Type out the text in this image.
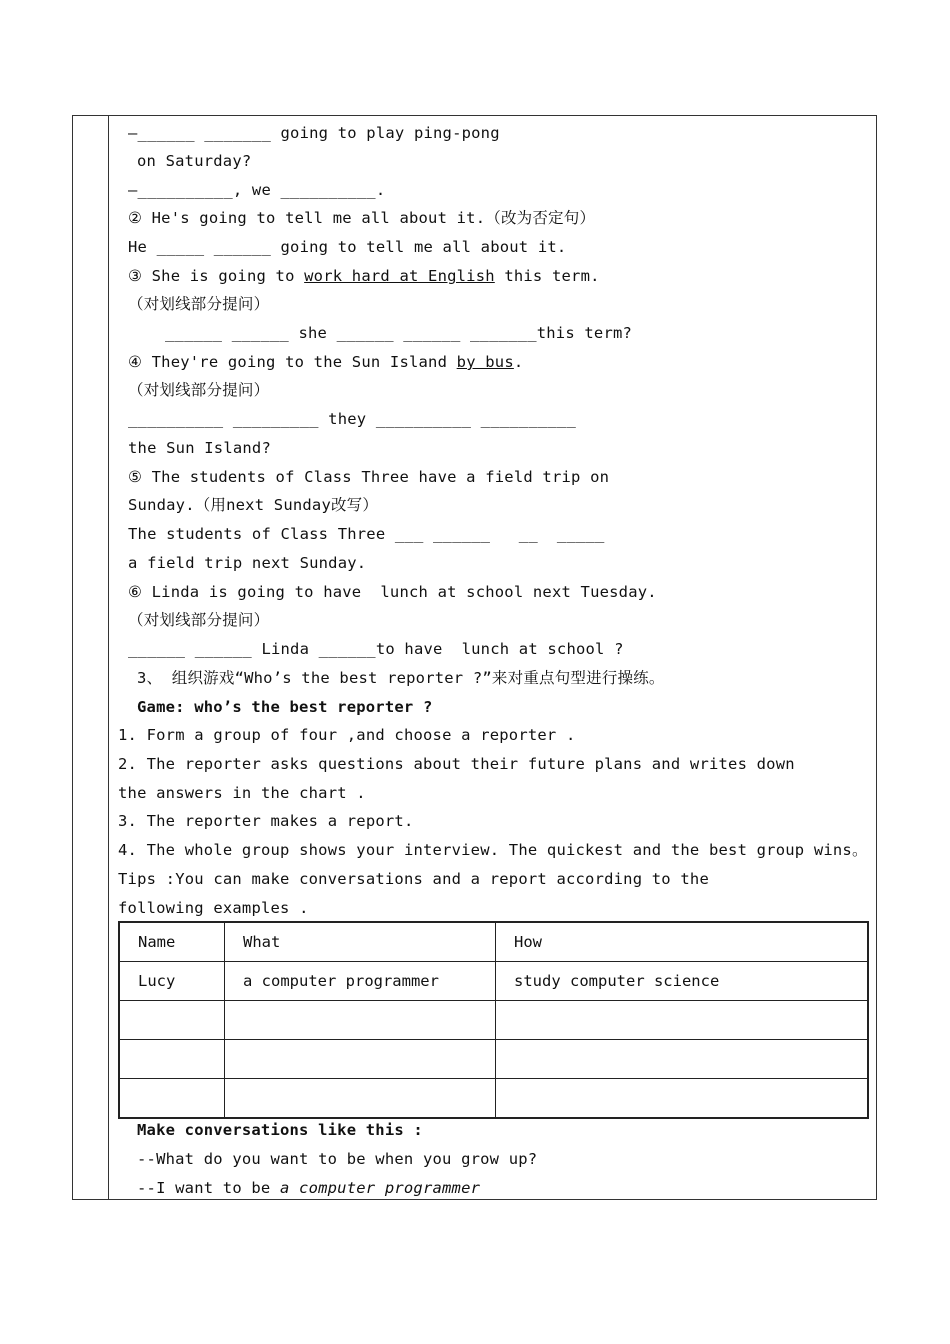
—______ _______ going to play ping-pong
on Saturday?
—__________, we __________.
② He's going to tell me all about it.（改为否定句）
He _____ ______ going to tell me all about it.
③ She is going to work hard at English this term.
（对划线部分提问）
______ ______ she ______ ______ _______this term?
④ They're going to the Sun Island by bus.
（对划线部分提问）
__________ _________ they __________ __________
the Sun Island?
⑤ The students of Class Three have a field trip on
Sunday.（用next Sunday改写）
The students of Class Three ___ ______   __  _____
a field trip next Sunday.
⑥ Linda is going to have  lunch at school next Tuesday.
（对划线部分提问）
______ ______ Linda ______to have  lunch at school ?
3、 组织游戏“Who’s the best reporter ?”来对重点句型进行操练。
Game: who’s the best reporter ?
1. Form a group of four ,and choose a reporter .
2. The reporter asks questions about their future plans and writes down
the answers in the chart .
3. The reporter makes a report.
4. The whole group shows your interview. The quickest and the best group wins。
Tips :You can make conversations and a report according to the
following examples .
Make conversations like this :
--What do you want to be when you grow up?
--I want to be a computer programmer
Name	What	How
Lucy	a computer programmer	study computer science
